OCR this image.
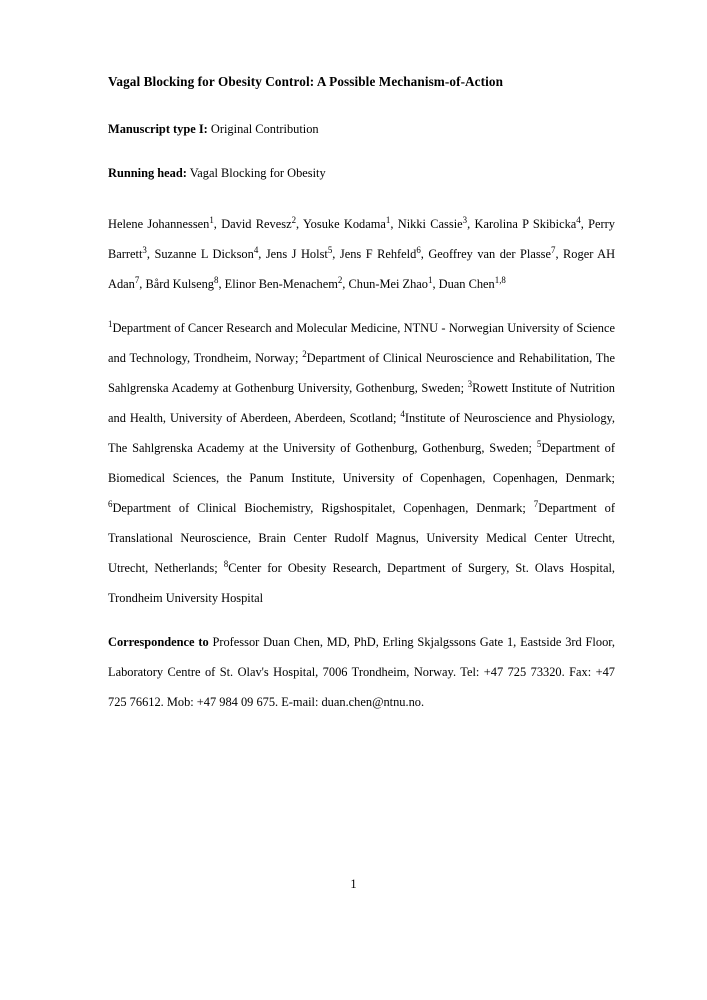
Vagal Blocking for Obesity Control: A Possible Mechanism-of-Action

Manuscript type I: Original Contribution

Running head: Vagal Blocking for Obesity

Helene Johannessen$^1$, David Revesz$^2$, Yosuke Kodama$^1$, Nikki Cassie$^3$, Karolina P Skibicka$^4$, Perry Barrett$^3$, Suzanne L Dickson$^4$, Jens J Holst$^5$, Jens F Rehfeld$^6$, Geoffrey van der Plasse$^7$, Roger AH Adan$^7$, Bård Kulseng$^8$, Elinor Ben-Menachem$^2$, Chun-Mei Zhao$^1$, Duan Chen$^{1,8}$

$^1$Department of Cancer Research and Molecular Medicine, NTNU - Norwegian University of Science and Technology, Trondheim, Norway; $^2$Department of Clinical Neuroscience and Rehabilitation, The Sahlgrenska Academy at Gothenburg University, Gothenburg, Sweden; $^3$Rowett Institute of Nutrition and Health, University of Aberdeen, Aberdeen, Scotland; $^4$Institute of Neuroscience and Physiology, The Sahlgrenska Academy at the University of Gothenburg, Gothenburg, Sweden; $^5$Department of Biomedical Sciences, the Panum Institute, University of Copenhagen, Copenhagen, Denmark; $^6$Department of Clinical Biochemistry, Rigshospitalet, Copenhagen, Denmark; $^7$Department of Translational Neuroscience, Brain Center Rudolf Magnus, University Medical Center Utrecht, Utrecht, Netherlands; $^8$Center for Obesity Research, Department of Surgery, St. Olavs Hospital, Trondheim University Hospital

Correspondence to Professor Duan Chen, MD, PhD, Erling Skjalgssons Gate 1, Eastside 3rd Floor, Laboratory Centre of St. Olav's Hospital, 7006 Trondheim, Norway. Tel: +47 725 73320. Fax: +47 725 76612. Mob: +47 984 09 675. E-mail: duan.chen@ntnu.no.

1
